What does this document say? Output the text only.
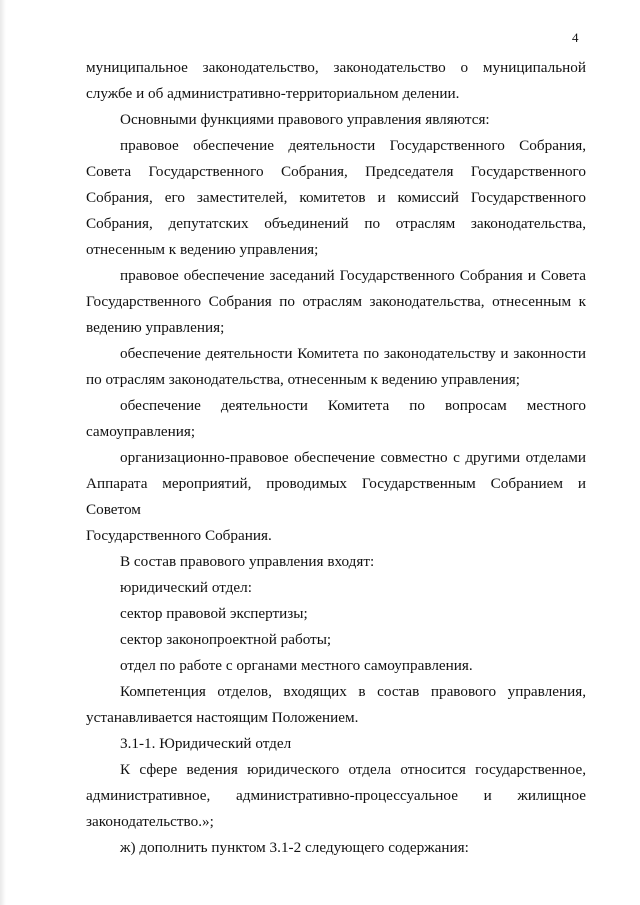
4
муниципальное законодательство, законодательство о муниципальной
службе и об административно-территориальном делении.
Основными функциями правового управления являются:
правовое обеспечение деятельности Государственного Собрания,
Совета Государственного Собрания, Председателя Государственного
Собрания, его заместителей, комитетов и комиссий Государственного
Собрания, депутатских объединений по отраслям законодательства,
отнесенным к ведению управления;
правовое обеспечение заседаний Государственного Собрания и Совета
Государственного Собрания по отраслям законодательства, отнесенным к
ведению управления;
обеспечение деятельности Комитета по законодательству и законности
по отраслям законодательства, отнесенным к ведению управления;
обеспечение деятельности Комитета по вопросам местного
самоуправления;
организационно-правовое обеспечение совместно с другими отделами
Аппарата мероприятий, проводимых Государственным Собранием и Советом
Государственного Собрания.
В состав правового управления входят:
юридический отдел:
сектор правовой экспертизы;
сектор законопроектной работы;
отдел по работе с органами местного самоуправления.
Компетенция отделов, входящих в состав правового управления,
устанавливается настоящим Положением.
3.1-1. Юридический отдел
К сфере ведения юридического отдела относится государственное,
административное, административно-процессуальное и жилищное
законодательство.»;
ж) дополнить пунктом 3.1-2 следующего содержания:
